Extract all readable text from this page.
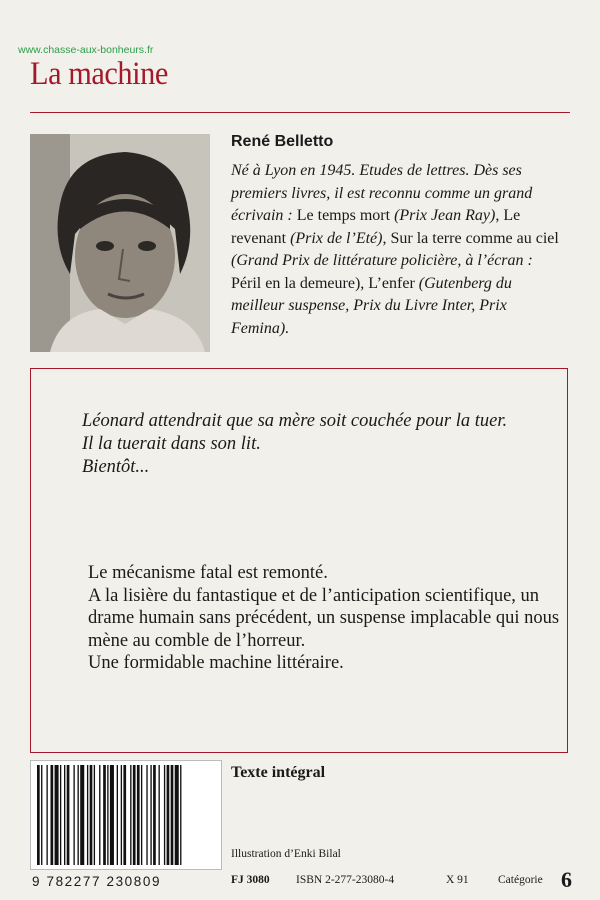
www.chasse-aux-bonheurs.fr
La machine
René Belletto
Né à Lyon en 1945. Etudes de lettres. Dès ses premiers livres, il est reconnu comme un grand écrivain : Le temps mort (Prix Jean Ray), Le revenant (Prix de l’Eté), Sur la terre comme au ciel (Grand Prix de littérature policière, à l’écran : Péril en la demeure), L’enfer (Gutenberg du meilleur suspense, Prix du Livre Inter, Prix Femina).

Léonard attendrait que sa mère soit couchée pour la tuer.

Il la tuerait dans son lit.

Bientôt...

Le mécanisme fatal est remonté.

A la lisière du fantastique et de l’anticipation scientifique, un drame humain sans précédent, un suspense implacable qui nous mène au comble de l’horreur.

Une formidable machine littéraire.

9 782277 230809
Texte intégral
Illustration d’Enki Bilal
FJ 3080 ISBN 2-277-23080-4	X 91	Catégorie 6
